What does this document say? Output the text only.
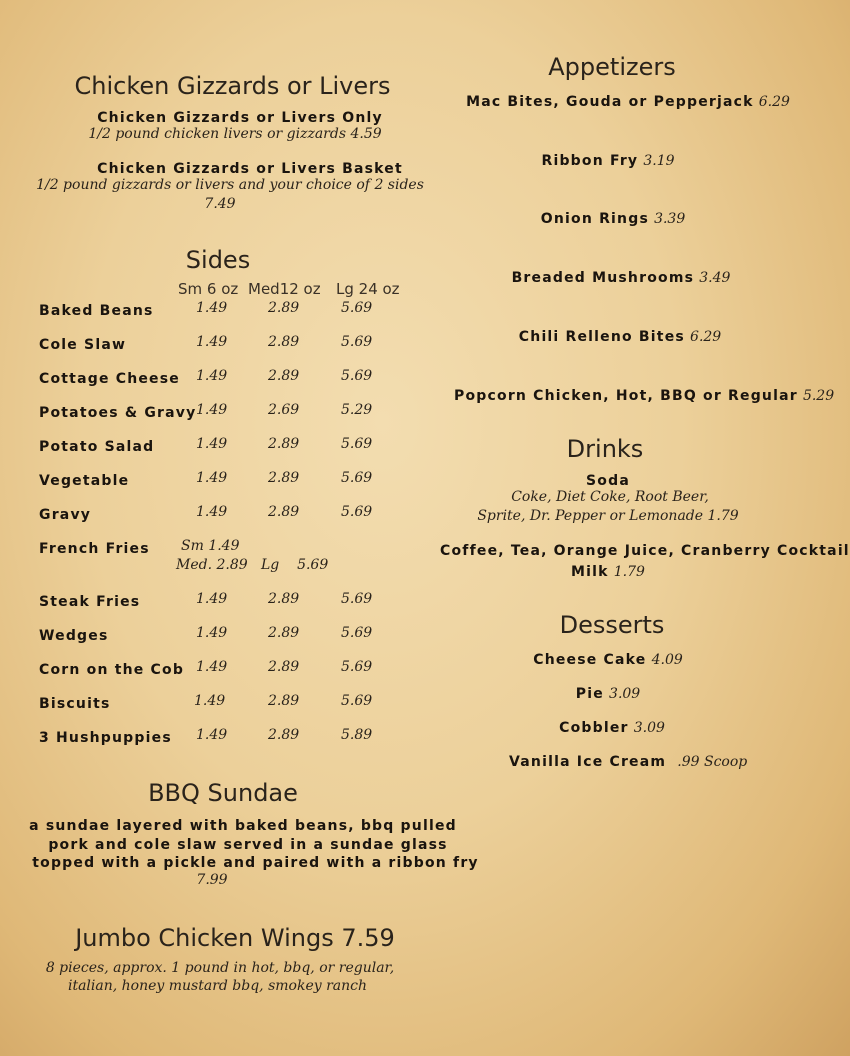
Chicken Gizzards or Livers
Chicken Gizzards or Livers Only
1/2 pound chicken livers or gizzards 4.59
Chicken Gizzards or Livers Basket
1/2 pound gizzards or livers and your choice of 2 sides
7.49
Sides
Sm 6 oz Med12 oz Lg 24 oz
Baked Beans	1.49	2.89	5.69
Cole Slaw	1.49	2.89	5.69
Cottage Cheese 1.49	2.89	5.69
Potatoes & Gravy 1.49	2.69	5.29
Potato Salad	1.49	2.89	5.69
Vegetable	1.49	2.89	5.69
Gravy	1.49	2.89	5.69
French Fries Sm 1.49
Med. 2.89   Lg    5.69
Steak Fries	1.49	2.89	5.69
Wedges	1.49	2.89	5.69
Corn on the Cob 1.49	2.89	5.69
Biscuits	1.49	2.89	5.69
3 Hushpuppies 1.49	2.89	5.89
BBQ Sundae
a sundae layered with baked beans, bbq pulled
pork and cole slaw served in a sundae glass
topped with a pickle and paired with a ribbon fry
7.99
Jumbo Chicken Wings 7.59
8 pieces, approx. 1 pound in hot, bbq, or regular,
italian, honey mustard bbq, smokey ranch
Appetizers
Mac Bites, Gouda or Pepperjack 6.29
Ribbon Fry 3.19
Onion Rings 3.39
Breaded Mushrooms 3.49
Chili Relleno Bites 6.29
Popcorn Chicken, Hot, BBQ or Regular 5.29
Drinks
Soda
Coke, Diet Coke, Root Beer,
Sprite, Dr. Pepper or Lemonade 1.79
Coffee, Tea, Orange Juice, Cranberry Cocktail
Milk 1.79
Desserts
Cheese Cake 4.09
Pie 3.09
Cobbler 3.09
Vanilla Ice Cream .99 Scoop
